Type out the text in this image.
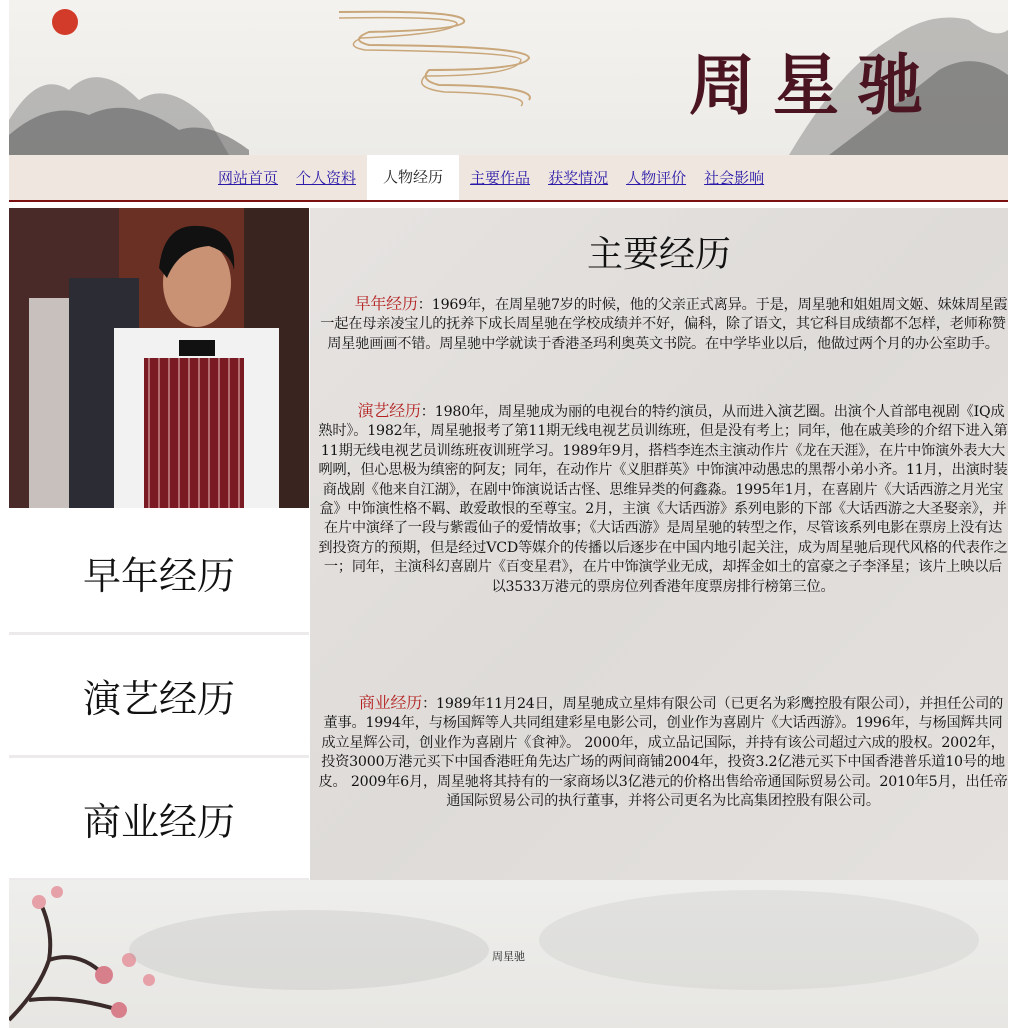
周星驰
网站首页 个人资料	人物经历	主要作品 获奖情况 人物评价 社会影响
早年经历
演艺经历
商业经历
主要经历
早年经历：1969年，在周星驰7岁的时候，他的父亲正式离异。于是，周星驰和姐姐周文姬、妹妹周星霞一起在母亲凌宝儿的抚养下成长周星驰在学校成绩并不好，偏科，除了语文，其它科目成绩都不怎样，老师称赞周星驰画画不错。周星驰中学就读于香港圣玛利奥英文书院。在中学毕业以后，他做过两个月的办公室助手。
演艺经历：1980年，周星驰成为丽的电视台的特约演员，从而进入演艺圈。出演个人首部电视剧《IQ成熟时》。1982年，周星驰报考了第11期无线电视艺员训练班，但是没有考上；同年，他在戚美珍的介绍下进入第11期无线电视艺员训练班夜训班学习。1989年9月，搭档李连杰主演动作片《龙在天涯》，在片中饰演外表大大咧咧，但心思极为缜密的阿友；同年，在动作片《义胆群英》中饰演冲动愚忠的黑帮小弟小齐。11月，出演时装商战剧《他来自江湖》，在剧中饰演说话古怪、思维异类的何鑫淼。1995年1月，在喜剧片《大话西游之月光宝盒》中饰演性格不羁、敢爱敢恨的至尊宝。2月，主演《大话西游》系列电影的下部《大话西游之大圣娶亲》，并在片中演绎了一段与紫霞仙子的爱情故事；《大话西游》是周星驰的转型之作，尽管该系列电影在票房上没有达到投资方的预期，但是经过VCD等媒介的传播以后逐步在中国内地引起关注，成为周星驰后现代风格的代表作之一；同年，主演科幻喜剧片《百变星君》，在片中饰演学业无成，却挥金如土的富豪之子李泽星；该片上映以后以3533万港元的票房位列香港年度票房排行榜第三位。
商业经历：1989年11月24日，周星驰成立星炜有限公司（已更名为彩鹰控股有限公司），并担任公司的董事。1994年，与杨国辉等人共同组建彩星电影公司，创业作为喜剧片《大话西游》。1996年，与杨国辉共同成立星辉公司，创业作为喜剧片《食神》。 2000年，成立品记国际，并持有该公司超过六成的股权。2002年，投资3000万港元买下中国香港旺角先达广场的两间商铺2004年，投资3.2亿港元买下中国香港普乐道10号的地皮。 2009年6月，周星驰将其持有的一家商场以3亿港元的价格出售给帝通国际贸易公司。2010年5月，出任帝通国际贸易公司的执行董事，并将公司更名为比高集团控股有限公司。
周星驰
